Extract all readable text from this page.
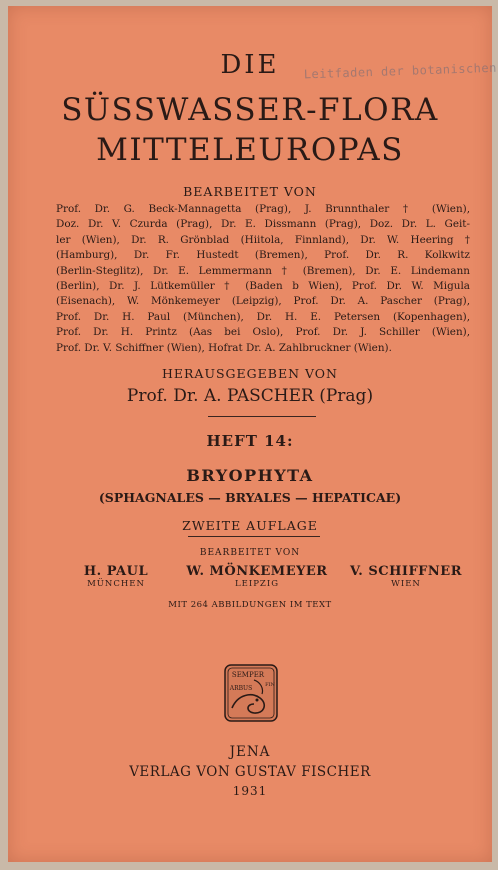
Leitfaden der botanischen
DIE
SÜSSWASSER-FLORA
MITTELEUROPAS
BEARBEITET VON
Prof. Dr. G. Beck-Mannagetta (Prag), J. Brunnthaler † (Wien),
Doz. Dr. V. Czurda (Prag), Dr. E. Dissmann (Prag), Doz. Dr. L. Geit-
ler (Wien), Dr. R. Grönblad (Hiitola, Finnland), Dr. W. Heering †
(Hamburg), Dr. Fr. Hustedt (Bremen), Prof. Dr. R. Kolkwitz
(Berlin-Steglitz), Dr. E. Lemmermann † (Bremen), Dr. E. Lindemann
(Berlin), Dr. J. Lütkemüller † (Baden b Wien), Prof. Dr. W. Migula
(Eisenach), W. Mönkemeyer (Leipzig), Prof. Dr. A. Pascher (Prag),
Prof. Dr. H. Paul (München), Dr. H. E. Petersen (Kopenhagen),
Prof. Dr. H. Printz (Aas bei Oslo), Prof. Dr. J. Schiller (Wien),
Prof. Dr. V. Schiffner (Wien), Hofrat Dr. A. Zahlbruckner (Wien).
HERAUSGEGEBEN VON
Prof. Dr. A. PASCHER (Prag)
HEFT 14:
BRYOPHYTA
(SPHAGNALES — BRYALES — HEPATICAE)
ZWEITE AUFLAGE
BEARBEITET VON
H. PAUL
MÜNCHEN
W. MÖNKEMEYER
LEIPZIG
V. SCHIFFNER
WIEN
MIT 264 ABBILDUNGEN IM TEXT
SEMPER
FIN
ARBUS
JENA
VERLAG VON GUSTAV FISCHER
1931
